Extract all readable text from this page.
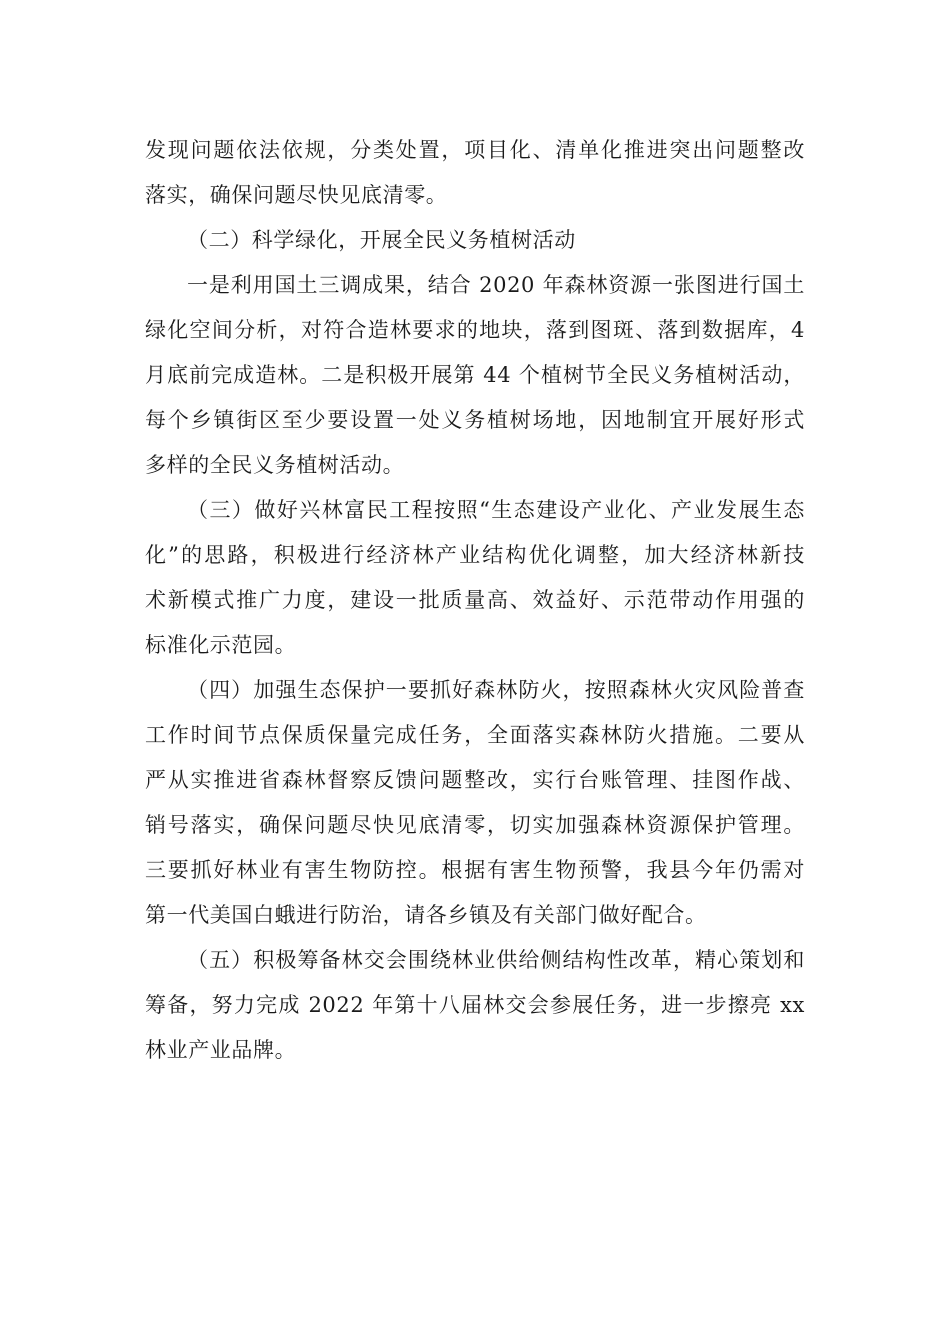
发现问题依法依规，分类处置，项目化、清单化推进突出问题整改
落实，确保问题尽快见底清零。
（二）科学绿化，开展全民义务植树活动
一是利用国土三调成果，结合 2020 年森林资源一张图进行国土
绿化空间分析，对符合造林要求的地块，落到图斑、落到数据库，4
月底前完成造林。二是积极开展第 44 个植树节全民义务植树活动，
每个乡镇街区至少要设置一处义务植树场地，因地制宜开展好形式
多样的全民义务植树活动。
（三）做好兴林富民工程按照“生态建设产业化、产业发展生态
化”的思路，积极进行经济林产业结构优化调整，加大经济林新技
术新模式推广力度，建设一批质量高、效益好、示范带动作用强的
标准化示范园。
（四）加强生态保护一要抓好森林防火，按照森林火灾风险普查
工作时间节点保质保量完成任务，全面落实森林防火措施。二要从
严从实推进省森林督察反馈问题整改，实行台账管理、挂图作战、
销号落实，确保问题尽快见底清零，切实加强森林资源保护管理。
三要抓好林业有害生物防控。根据有害生物预警，我县今年仍需对
第一代美国白蛾进行防治，请各乡镇及有关部门做好配合。
（五）积极筹备林交会围绕林业供给侧结构性改革，精心策划和
筹备，努力完成 2022 年第十八届林交会参展任务，进一步擦亮 xx
林业产业品牌。
